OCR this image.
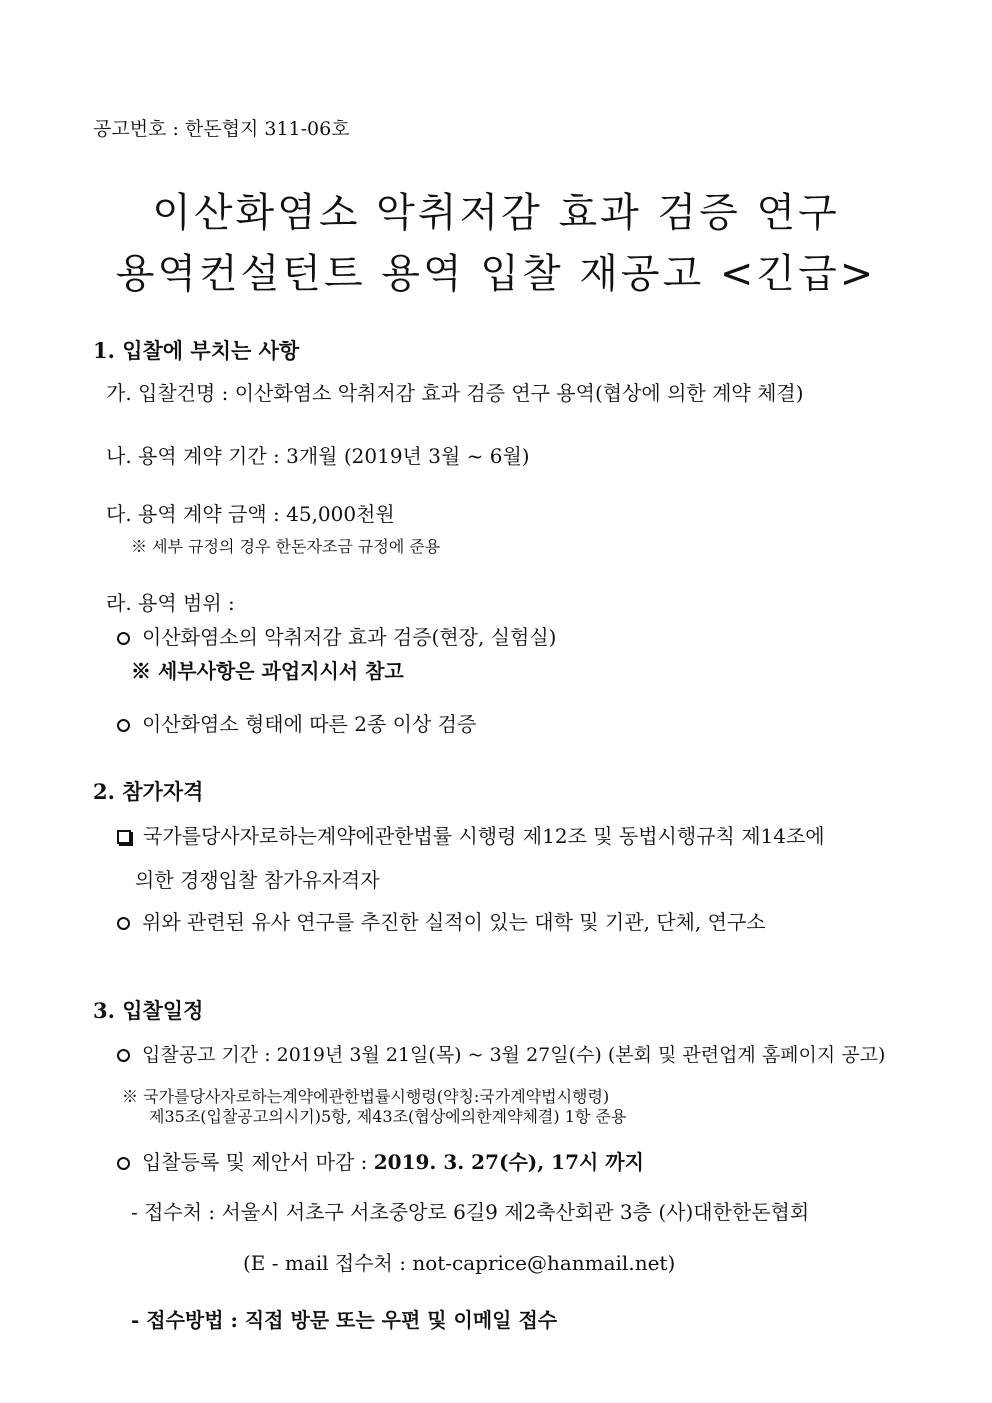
공고번호 : 한돈협지 311-06호
이산화염소 악취저감 효과 검증 연구
용역컨설턴트 용역 입찰 재공고 <긴급>
1. 입찰에 부치는 사항
가. 입찰건명 : 이산화염소 악취저감 효과 검증 연구 용역(협상에 의한 계약 체결)
나. 용역 계약 기간 : 3개월 (2019년 3월 ~ 6월)
다. 용역 계약 금액 : 45,000천원
※ 세부 규정의 경우 한돈자조금 규정에 준용
라. 용역 범위 :
이산화염소의 악취저감 효과 검증(현장, 실험실)
※ 세부사항은 과업지시서 참고
이산화염소 형태에 따른 2종 이상 검증
2. 참가자격
국가를당사자로하는계약에관한법률 시행령 제12조 및 동법시행규칙 제14조에
의한 경쟁입찰 참가유자격자
위와 관련된 유사 연구를 추진한 실적이 있는 대학 및 기관, 단체, 연구소
3. 입찰일정
입찰공고 기간 : 2019년 3월 21일(목) ~ 3월 27일(수) (본회 및 관련업계 홈페이지 공고)
※ 국가를당사자로하는계약에관한법률시행령(약칭:국가계약법시행령)
제35조(입찰공고의시기)5항, 제43조(협상에의한계약체결) 1항 준용
입찰등록 및 제안서 마감 : 2019. 3. 27(수), 17시 까지
- 접수처 : 서울시 서초구 서초중앙로 6길9 제2축산회관 3층 (사)대한한돈협회
(E - mail 접수처 : not-caprice@hanmail.net)
- 접수방법 : 직접 방문 또는 우편 및 이메일 접수
